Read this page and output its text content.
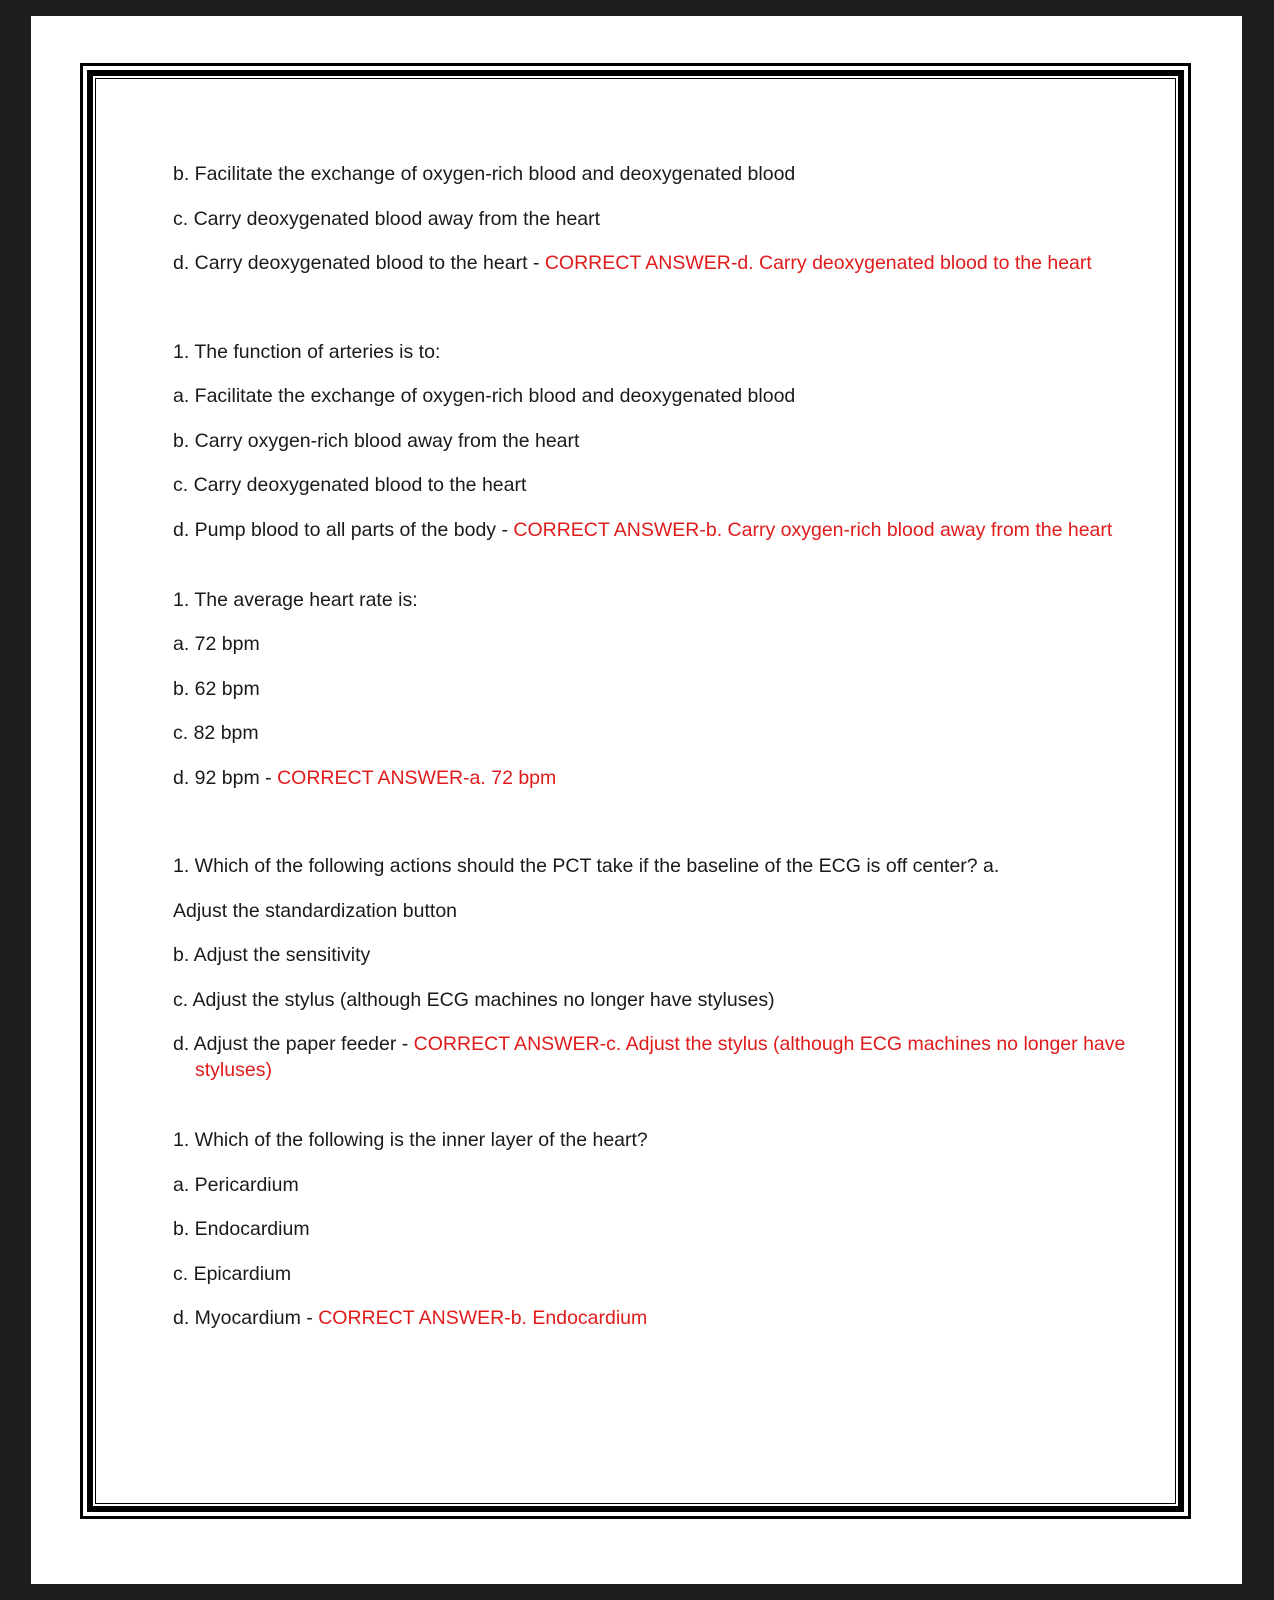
b. Facilitate the exchange of oxygen-rich blood and deoxygenated blood
c. Carry deoxygenated blood away from the heart
d. Carry deoxygenated blood to the heart - CORRECT ANSWER-d. Carry deoxygenated blood to the heart
1. The function of arteries is to:
a. Facilitate the exchange of oxygen-rich blood and deoxygenated blood
b. Carry oxygen-rich blood away from the heart
c. Carry deoxygenated blood to the heart
d. Pump blood to all parts of the body - CORRECT ANSWER-b. Carry oxygen-rich blood away from the heart
1. The average heart rate is:
a. 72 bpm
b. 62 bpm
c. 82 bpm
d. 92 bpm - CORRECT ANSWER-a. 72 bpm
1. Which of the following actions should the PCT take if the baseline of the ECG is off center? a.
Adjust the standardization button
b. Adjust the sensitivity
c. Adjust the stylus (although ECG machines no longer have styluses)
d. Adjust the paper feeder - CORRECT ANSWER-c. Adjust the stylus (although ECG machines no longer have styluses)
1. Which of the following is the inner layer of the heart?
a. Pericardium
b. Endocardium
c. Epicardium
d. Myocardium - CORRECT ANSWER-b. Endocardium
